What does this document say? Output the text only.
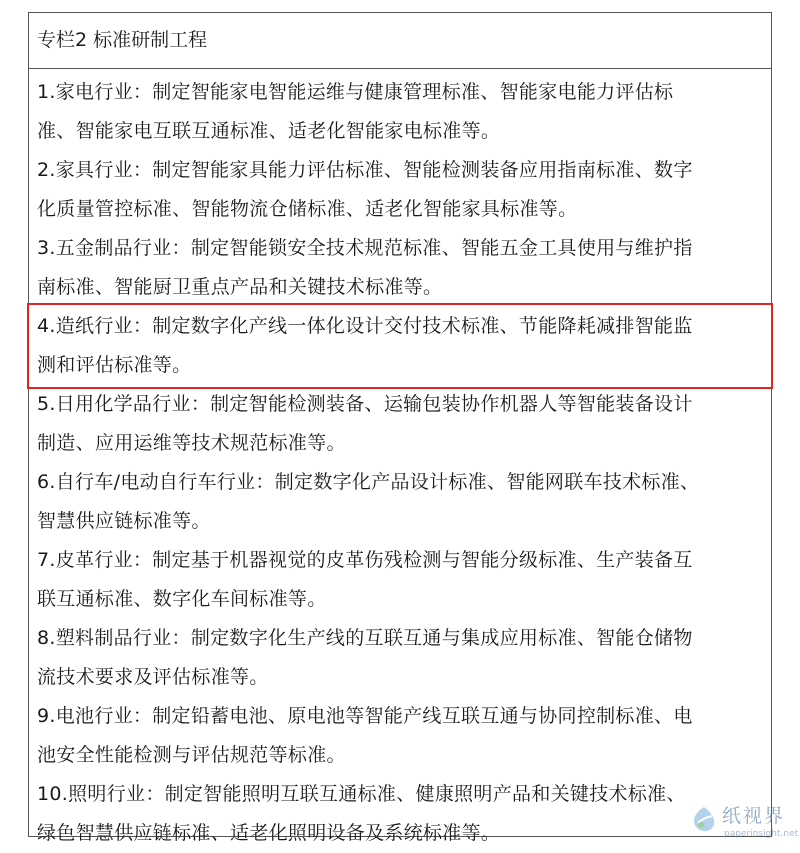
专栏2 标准研制工程
1.家电行业：制定智能家电智能运维与健康管理标准、智能家电能力评估标
准、智能家电互联互通标准、适老化智能家电标准等。
2.家具行业：制定智能家具能力评估标准、智能检测装备应用指南标准、数字
化质量管控标准、智能物流仓储标准、适老化智能家具标准等。
3.五金制品行业：制定智能锁安全技术规范标准、智能五金工具使用与维护指
南标准、智能厨卫重点产品和关键技术标准等。
4.造纸行业：制定数字化产线一体化设计交付技术标准、节能降耗减排智能监
测和评估标准等。
5.日用化学品行业：制定智能检测装备、运输包装协作机器人等智能装备设计
制造、应用运维等技术规范标准等。
6.自行车/电动自行车行业：制定数字化产品设计标准、智能网联车技术标准、
智慧供应链标准等。
7.皮革行业：制定基于机器视觉的皮革伤残检测与智能分级标准、生产装备互
联互通标准、数字化车间标准等。
8.塑料制品行业：制定数字化生产线的互联互通与集成应用标准、智能仓储物
流技术要求及评估标准等。
9.电池行业：制定铅蓄电池、原电池等智能产线互联互通与协同控制标准、电
池安全性能检测与评估规范等标准。
10.照明行业：制定智能照明互联互通标准、健康照明产品和关键技术标准、
绿色智慧供应链标准、适老化照明设备及系统标准等。
纸视界
paperinsight.net
